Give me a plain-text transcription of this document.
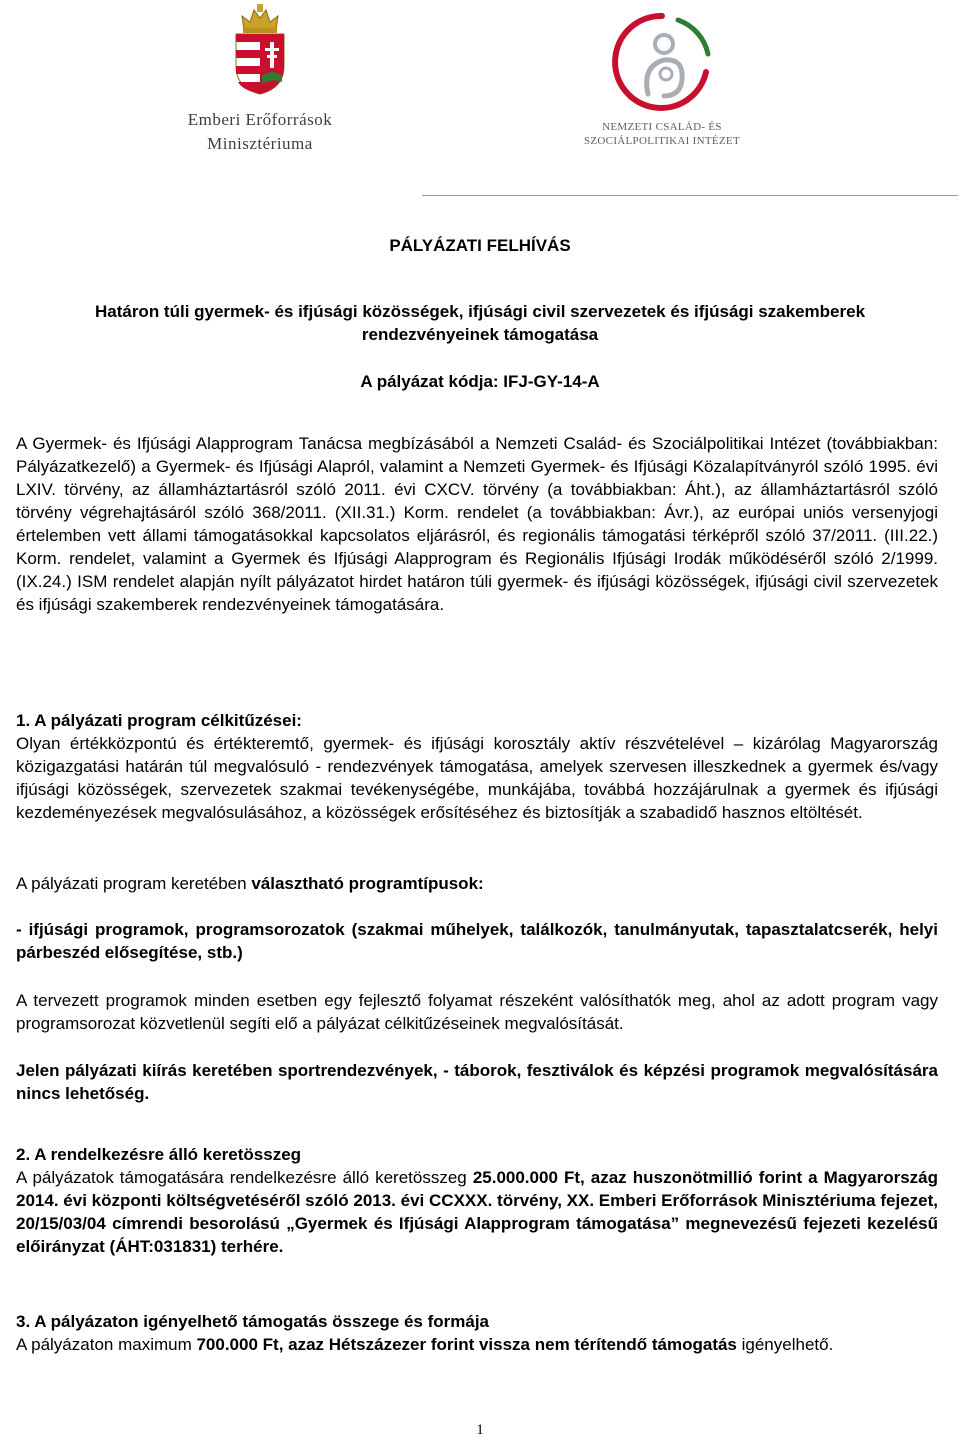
Emberi Erőforrások
Minisztériuma
NEMZETI CSALÁD- ÉS
SZOCIÁLPOLITIKAI INTÉZET
PÁLYÁZATI FELHÍVÁS
Határon túli gyermek- és ifjúsági közösségek, ifjúsági civil szervezetek és ifjúsági szakemberek
rendezvényeinek támogatása
A pályázat kódja: IFJ-GY-14-A
A Gyermek- és Ifjúsági Alapprogram Tanácsa megbízásából a Nemzeti Család- és Szociálpolitikai Intézet (továbbiakban: Pályázatkezelő) a Gyermek- és Ifjúsági Alapról, valamint a Nemzeti Gyermek- és Ifjúsági Közalapítványról szóló 1995. évi LXIV. törvény, az államháztartásról szóló 2011. évi CXCV. törvény (a továbbiakban: Áht.), az államháztartásról szóló törvény végrehajtásáról szóló 368/2011. (XII.31.) Korm. rendelet (a továbbiakban: Ávr.), az európai uniós versenyjogi értelemben vett állami támogatásokkal kapcsolatos eljárásról, és regionális támogatási térképről szóló 37/2011. (III.22.) Korm. rendelet, valamint a Gyermek és Ifjúsági Alapprogram és Regionális Ifjúsági Irodák működéséről szóló 2/1999. (IX.24.) ISM rendelet alapján nyílt pályázatot hirdet határon túli gyermek- és ifjúsági közösségek, ifjúsági civil szervezetek és ifjúsági szakemberek rendezvényeinek támogatására.
1. A pályázati program célkitűzései:
Olyan értékközpontú és értékteremtő, gyermek- és ifjúsági korosztály aktív részvételével – kizárólag Magyarország közigazgatási határán túl megvalósuló - rendezvények támogatása, amelyek szervesen illeszkednek a gyermek és/vagy ifjúsági közösségek, szervezetek szakmai tevékenységébe, munkájába, továbbá hozzájárulnak a gyermek és ifjúsági kezdeményezések megvalósulásához, a közösségek erősítéséhez és biztosítják a szabadidő hasznos eltöltését.
A pályázati program keretében választható programtípusok:
- ifjúsági programok, programsorozatok (szakmai műhelyek, találkozók, tanulmányutak, tapasztalatcserék, helyi párbeszéd elősegítése, stb.)
A tervezett programok minden esetben egy fejlesztő folyamat részeként valósíthatók meg, ahol az adott program vagy programsorozat közvetlenül segíti elő a pályázat célkitűzéseinek megvalósítását.
Jelen pályázati kiírás keretében sportrendezvények, - táborok, fesztiválok és képzési programok megvalósítására nincs lehetőség.
2. A rendelkezésre álló keretösszeg
A pályázatok támogatására rendelkezésre álló keretösszeg 25.000.000 Ft, azaz huszonötmillió forint a Magyarország 2014. évi központi költségvetéséről szóló 2013. évi CCXXX. törvény, XX. Emberi Erőforrások Minisztériuma fejezet, 20/15/03/04 címrendi besorolású „Gyermek és Ifjúsági Alapprogram támogatása” megnevezésű fejezeti kezelésű előirányzat (ÁHT:031831) terhére.
3. A pályázaton igényelhető támogatás összege és formája
A pályázaton maximum 700.000 Ft, azaz Hétszázezer forint vissza nem térítendő támogatás igényelhető.
1
